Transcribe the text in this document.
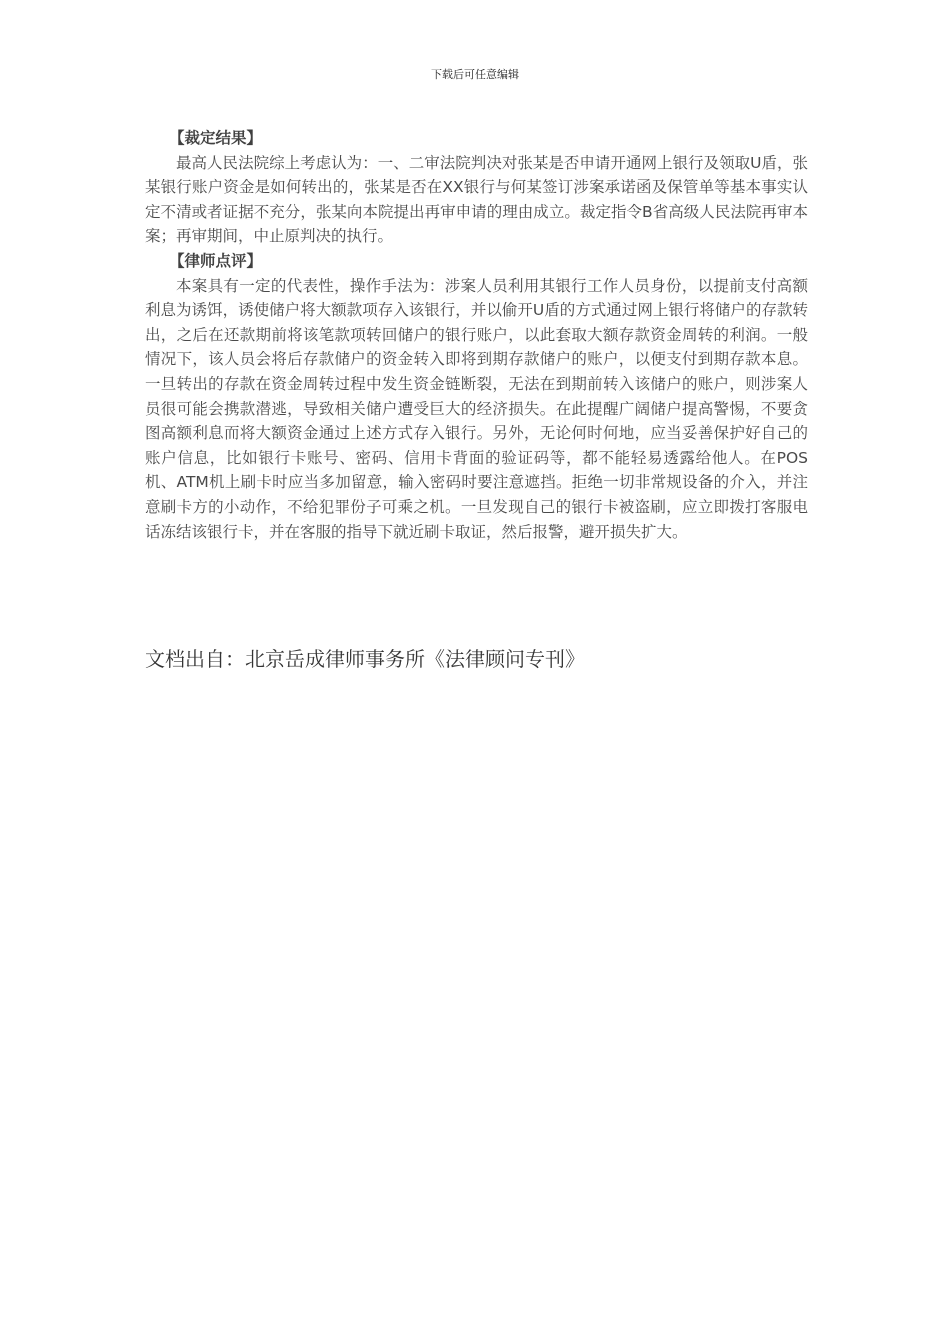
下载后可任意编辑

【裁定结果】

最高人民法院综上考虑认为：一、二审法院判决对张某是否申请开通网上银行及领取U盾，张某银行账户资金是如何转出的，张某是否在XX银行与何某签订涉案承诺函及保管单等基本事实认定不清或者证据不充分，张某向本院提出再审申请的理由成立。裁定指令B省高级人民法院再审本案；再审期间，中止原判决的执行。

【律师点评】

本案具有一定的代表性，操作手法为：涉案人员利用其银行工作人员身份，以提前支付高额利息为诱饵，诱使储户将大额款项存入该银行，并以偷开U盾的方式通过网上银行将储户的存款转出，之后在还款期前将该笔款项转回储户的银行账户，以此套取大额存款资金周转的利润。一般情况下，该人员会将后存款储户的资金转入即将到期存款储户的账户，以便支付到期存款本息。一旦转出的存款在资金周转过程中发生资金链断裂，无法在到期前转入该储户的账户，则涉案人员很可能会携款潜逃，导致相关储户遭受巨大的经济损失。在此提醒广阔储户提高警惕，不要贪图高额利息而将大额资金通过上述方式存入银行。另外，无论何时何地，应当妥善保护好自己的账户信息，比如银行卡账号、密码、信用卡背面的验证码等，都不能轻易透露给他人。在POS机、ATM机上刷卡时应当多加留意，输入密码时要注意遮挡。拒绝一切非常规设备的介入，并注意刷卡方的小动作，不给犯罪份子可乘之机。一旦发现自己的银行卡被盗刷，应立即拨打客服电话冻结该银行卡，并在客服的指导下就近刷卡取证，然后报警，避开损失扩大。

文档出自：北京岳成律师事务所《法律顾问专刊》
